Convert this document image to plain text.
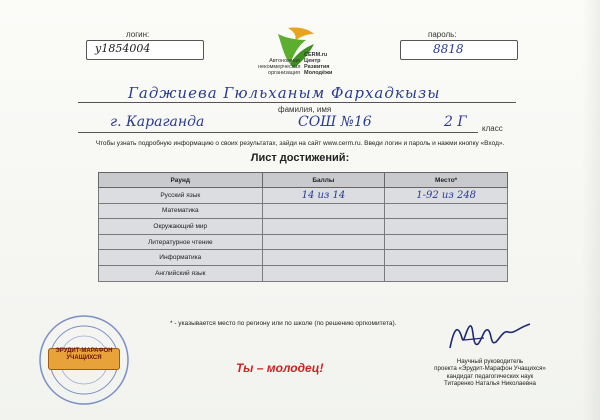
логин:
у1854004
пароль:
8818
Автономная
некоммерческая
организация
CERM.ru
Центр
Развития
Молодёжи
Гаджиева Гюльханым Фархадкызы
фамилия, имя
г. Караганда	СОШ №16	2 Г класс
Чтобы узнать подробную информацию о своих результатах, зайди на сайт www.cerm.ru. Введи логин и пароль и нажми кнопку «Вход».
Лист достижений:
Раунд	Баллы	Место*
Русский язык	14 из 14	1-92 из 248
Математика		
Окружающий мир		
Литературное чтение		
Информатика		
Английский язык		
* - указывается место по региону или по школе (по решению оргкомитета).
ЭРУДИТ-МАРАФОН
УЧАЩИХСЯ
Ты – молодец!	Научный руководитель
проекта «Эрудит-Марафон Учащихся»
кандидат педагогических наук
Титаренко Наталья Николаевна
